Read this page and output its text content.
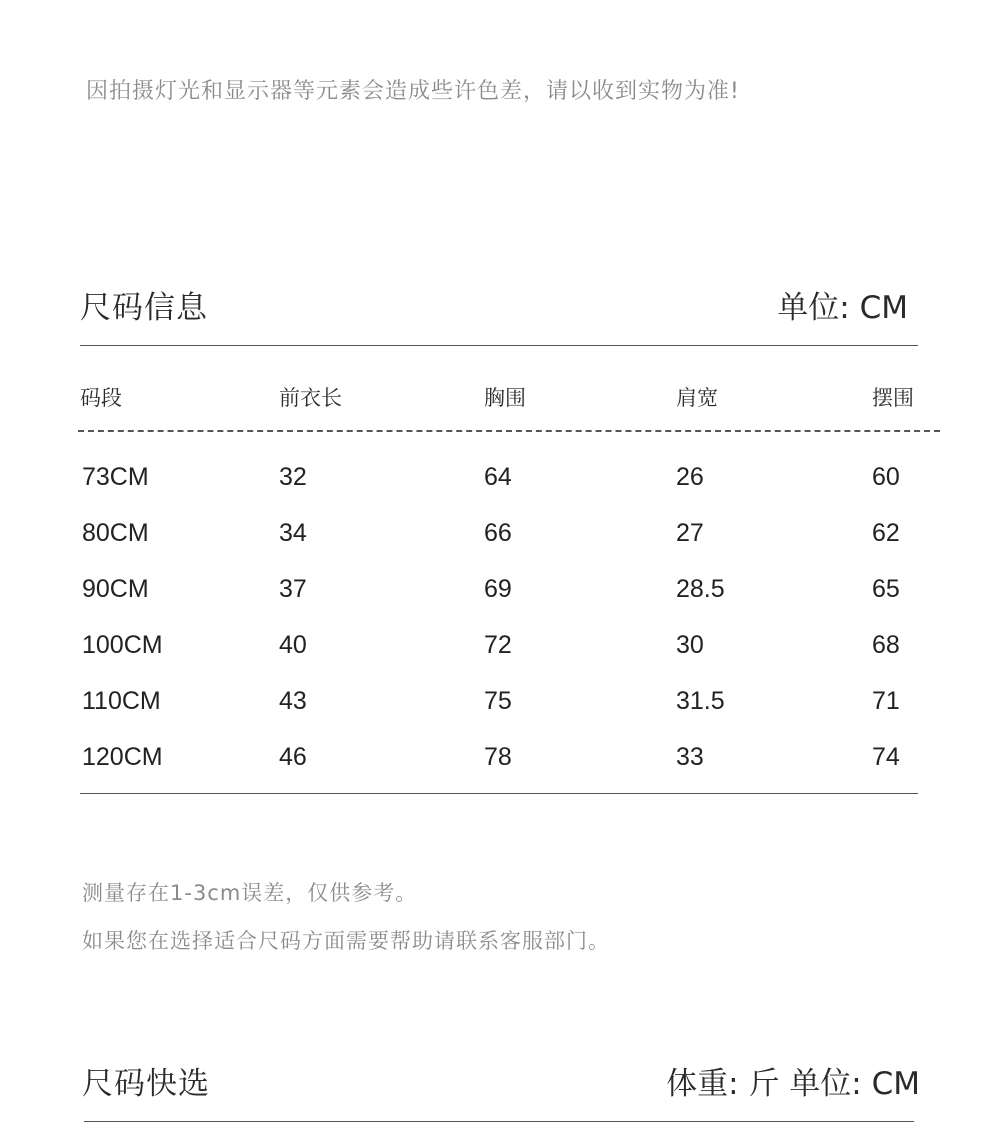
因拍摄灯光和显示器等元素会造成些许色差，请以收到实物为准!
尺码信息	单位: CM
码段	前衣长	胸围	肩宽	摆围
73CM	32	64	26	60
80CM	34	66	27	62
90CM	37	69	28.5	65
100CM	40	72	30	68
110CM	43	75	31.5	71
120CM	46	78	33	74
测量存在1-3cm误差，仅供参考。
如果您在选择适合尺码方面需要帮助请联系客服部门。
尺码快选	体重: 斤 单位: CM
